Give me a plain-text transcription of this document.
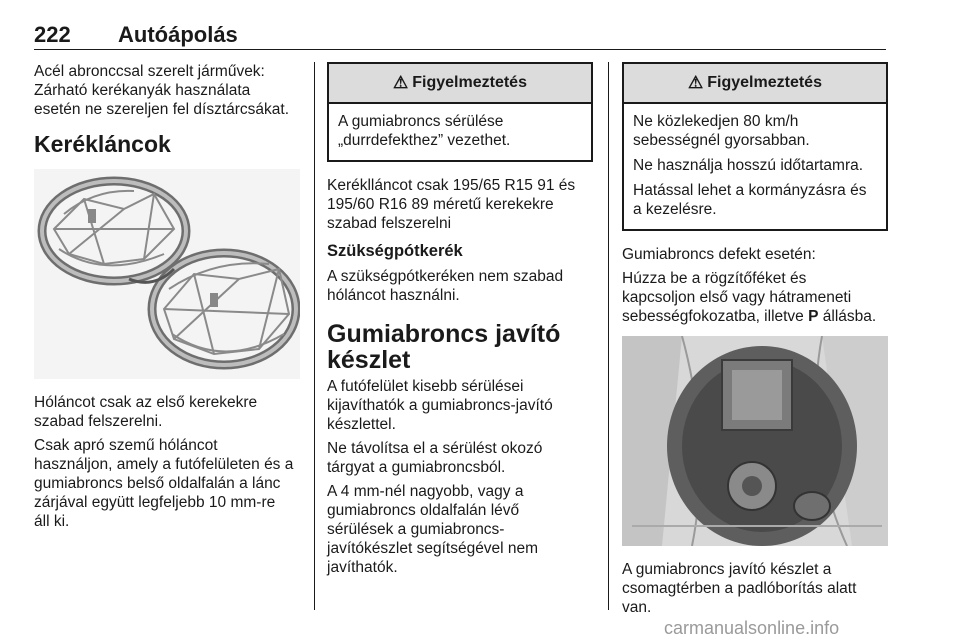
222 Autóápolás

Acél abronccsal szerelt járművek:
Zárható kerékanyák használata
esetén ne szereljen fel dísztárcsákat.

Kerékláncok

Hóláncot csak az első kerekekre
szabad felszerelni.

Csak apró szemű hóláncot
használjon, amely a futófelületen és a
gumiabroncs belső oldalfalán a lánc
zárjával együtt legfeljebb 10 mm-re
áll ki.

⚠ Figyelmeztetés

A gumiabroncs sérülése
„durrdefekthez” vezethet.

Keréklláncot csak 195/65 R15 91 és
195/60 R16 89 méretű kerekekre
szabad felszerelni

Szükségpótkerék

A szükségpótkeréken nem szabad
hóláncot használni.

Gumiabroncs javító készlet

A futófelület kisebb sérülései
kijavíthatók a gumiabroncs-javító
készlettel.

Ne távolítsa el a sérülést okozó
tárgyat a gumiabroncsból.

A 4 mm-nél nagyobb, vagy a
gumiabroncs oldalfalán lévő
sérülések a gumiabroncs-
javítókészlet segítségével nem
javíthatók.

⚠ Figyelmeztetés

Ne közlekedjen 80 km/h
sebességnél gyorsabban.

Ne használja hosszú időtartamra.

Hatással lehet a kormányzásra és
a kezelésre.

Gumiabroncs defekt esetén:

Húzza be a rögzítőféket és
kapcsoljon első vagy hátrameneti
sebességfokozatba, illetve P állásba.

A gumiabroncs javító készlet a
csomagtérben a padlóborítás alatt
van.

carmanualsonline.info
